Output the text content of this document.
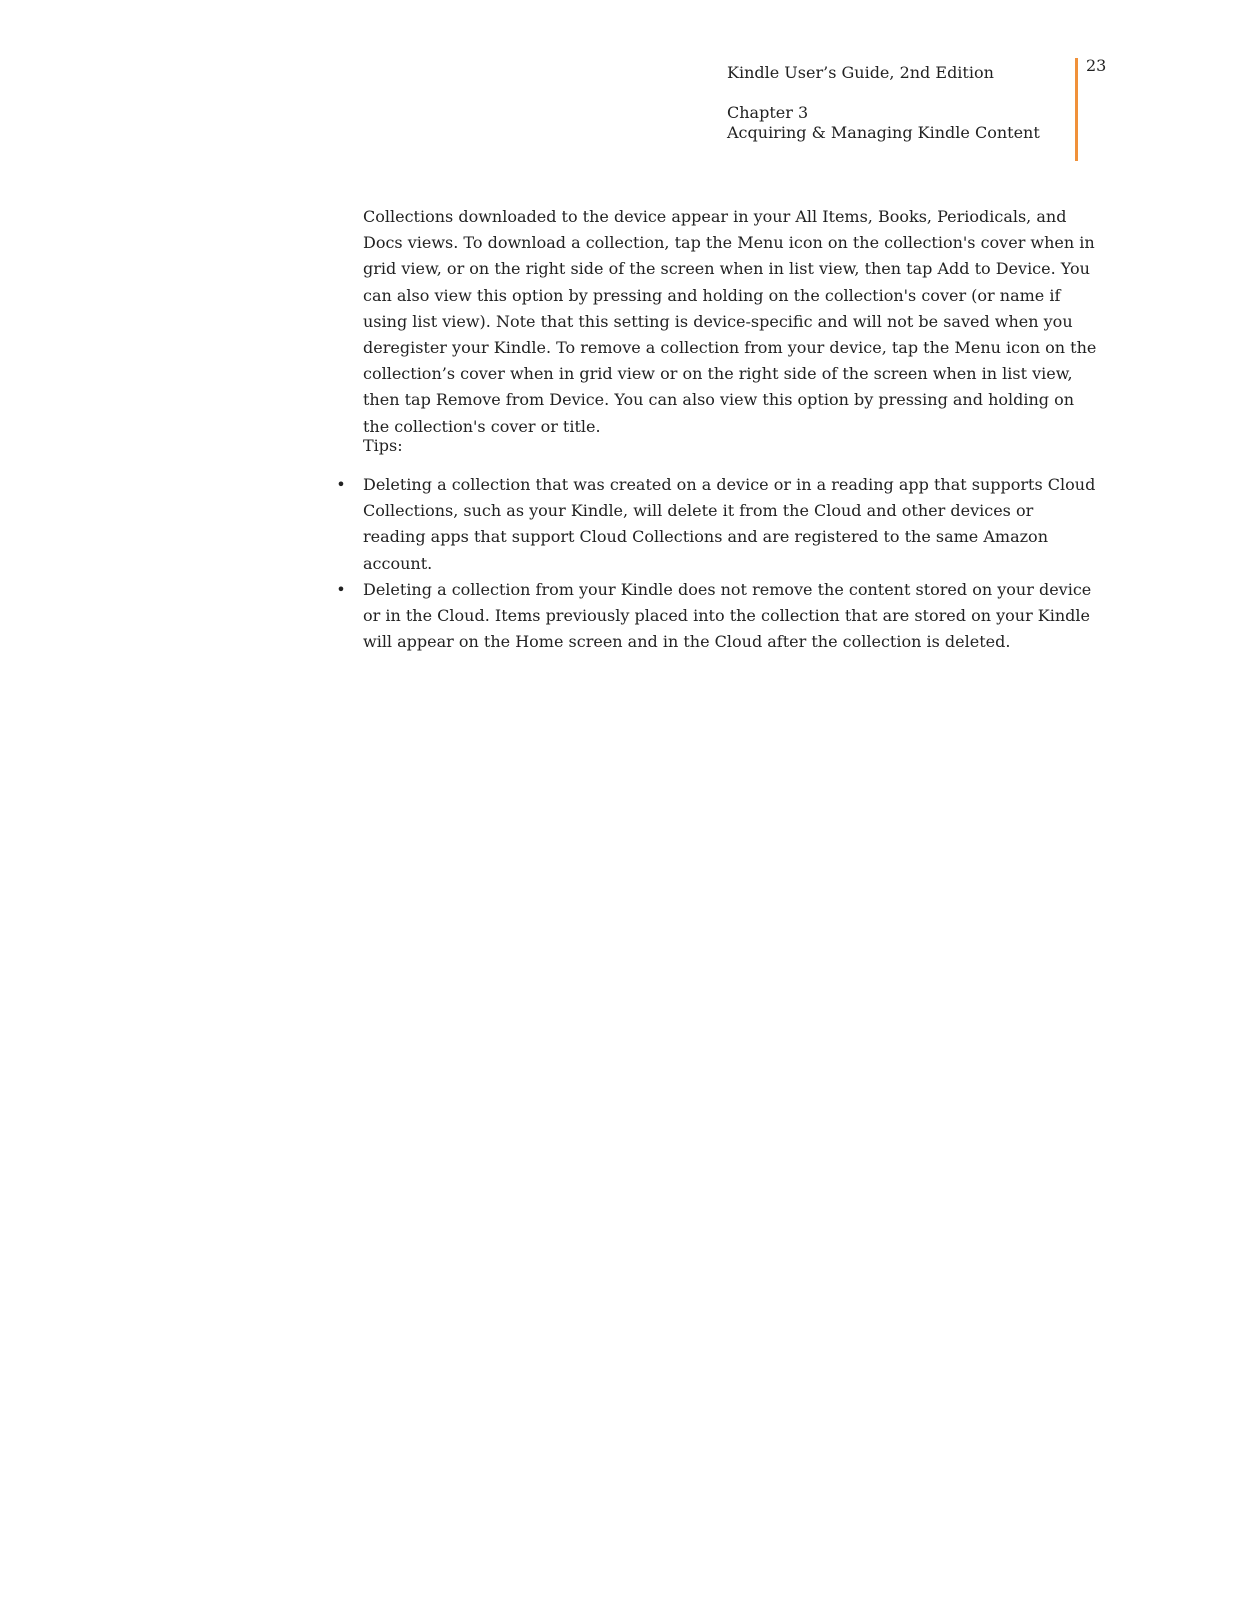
Kindle User’s Guide, 2nd Edition

Chapter 3

Acquiring & Managing Kindle Content

23

Collections downloaded to the device appear in your All Items, Books, Periodicals, and Docs views. To download a collection, tap the Menu icon on the collection's cover when in grid view, or on the right side of the screen when in list view, then tap Add to Device. You can also view this option by pressing and holding on the collection's cover (or name if using list view). Note that this setting is device-specific and will not be saved when you deregister your Kindle. To remove a collection from your device, tap the Menu icon on the collection’s cover when in grid view or on the right side of the screen when in list view, then tap Remove from Device. You can also view this option by pressing and holding on the collection's cover or title.

Tips:

• Deleting a collection that was created on a device or in a reading app that supports Cloud Collections, such as your Kindle, will delete it from the Cloud and other devices or reading apps that support Cloud Collections and are registered to the same Amazon account.
• Deleting a collection from your Kindle does not remove the content stored on your device or in the Cloud. Items previously placed into the collection that are stored on your Kindle will appear on the Home screen and in the Cloud after the collection is deleted.
